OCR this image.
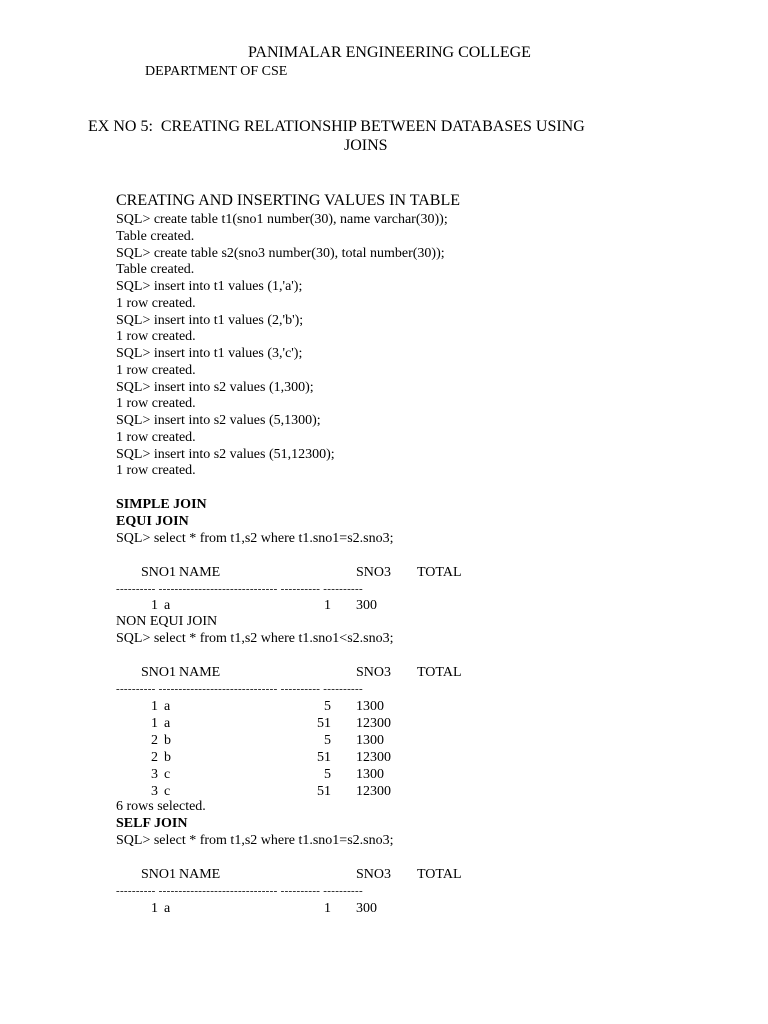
PANIMALAR ENGINEERING COLLEGE
DEPARTMENT OF CSE
EX NO 5:  CREATING RELATIONSHIP BETWEEN DATABASES USING
JOINS
CREATING AND INSERTING VALUES IN TABLE
SQL> create table t1(sno1 number(30), name varchar(30));
Table created.
SQL> create table s2(sno3 number(30), total number(30));
Table created.
SQL> insert into t1 values (1,'a');
1 row created.
SQL> insert into t1 values (2,'b');
1 row created.
SQL> insert into t1 values (3,'c');
1 row created.
SQL> insert into s2 values (1,300);
1 row created.
SQL> insert into s2 values (5,1300);
1 row created.
SQL> insert into s2 values (51,12300);
1 row created.
SIMPLE JOIN
EQUI JOIN
SQL> select * from t1,s2 where t1.sno1=s2.sno3;
SNO1 NAME	SNO3 TOTAL
---------- ------------------------------ ---------- ----------
1 a	1 300
NON EQUI JOIN
SQL> select * from t1,s2 where t1.sno1<s2.sno3;
SNO1 NAME	SNO3 TOTAL
---------- ------------------------------ ---------- ----------
1 a	5 1300
1 a	51 12300
2 b	5 1300
2 b	51 12300
3 c	5 1300
3 c	51 12300
6 rows selected.
SELF JOIN
SQL> select * from t1,s2 where t1.sno1=s2.sno3;
SNO1 NAME	SNO3 TOTAL
---------- ------------------------------ ---------- ----------
1 a	1 300
